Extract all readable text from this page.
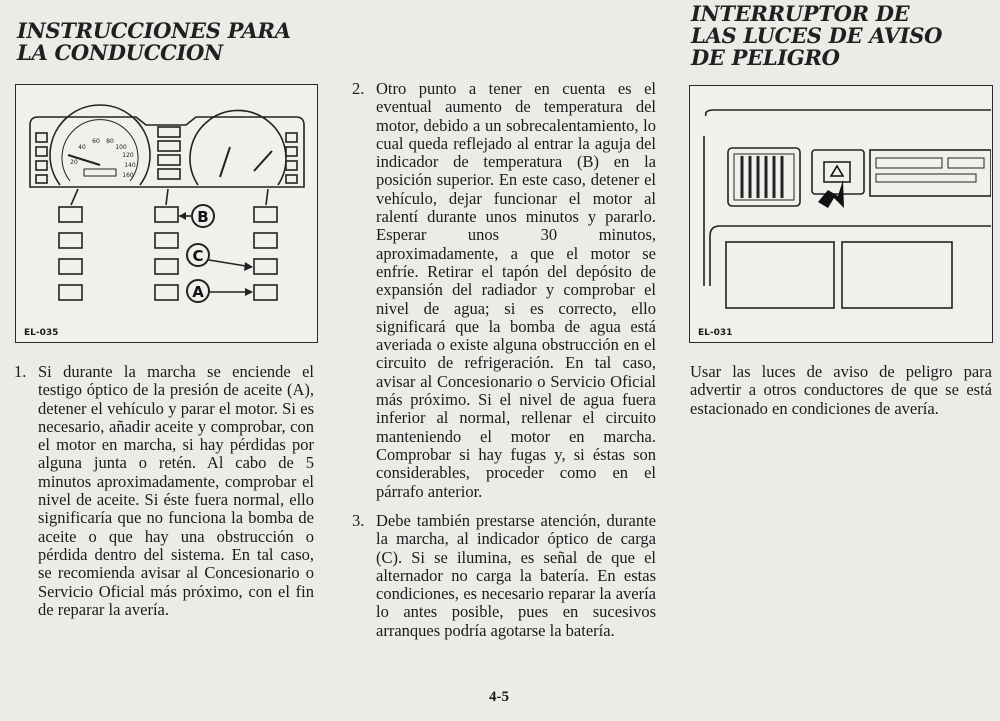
INSTRUCCIONES PARA
LA CONDUCCION
INTERRUPTOR DE
LAS LUCES DE AVISO
DE PELIGRO
B
C
A
20
40
60 80
100
120
140
160
EL-035	EL-031
1. Si durante la marcha se enciende el testigo óptico de la presión de aceite (A), detener el vehículo y parar el motor. Si es necesario, añadir aceite y comprobar, con el motor en marcha, si hay pérdidas por alguna junta o retén. Al cabo de 5 minutos aproximadamente, comprobar el nivel de aceite. Si éste fuera normal, ello significaría que no funciona la bomba de aceite o que hay una obstrucción o pérdida dentro del sistema. En tal caso, se recomienda avisar al Concesionario o Servicio Oficial más próximo, con el fin de reparar la avería.
2. Otro punto a tener en cuenta es el eventual aumento de temperatura del motor, debido a un sobrecalentamiento, lo cual queda reflejado al entrar la aguja del indicador de temperatura (B) en la posición superior. En este caso, detener el vehículo, dejar funcionar el motor al ralentí durante unos minutos y pararlo. Esperar unos 30 minutos, aproximadamente, a que el motor se enfríe. Retirar el tapón del depósito de expansión del radiador y comprobar el nivel de agua; si es correcto, ello significará que la bomba de agua está averiada o existe alguna obstrucción en el circuito de refrigeración. En tal caso, avisar al Concesionario o Servicio Oficial más próximo. Si el nivel de agua fuera inferior al normal, rellenar el circuito manteniendo el motor en marcha. Comprobar si hay fugas y, si éstas son considerables, proceder como en el párrafo anterior.
3. Debe también prestarse atención, durante la marcha, al indicador óptico de carga (C). Si se ilumina, es señal de que el alternador no carga la batería. En estas condiciones, es necesario reparar la avería lo antes posible, pues en sucesivos arranques podría agotarse la batería.
Usar las luces de aviso de peligro para advertir a otros conductores de que se está estacionado en condiciones de avería.
4-5
